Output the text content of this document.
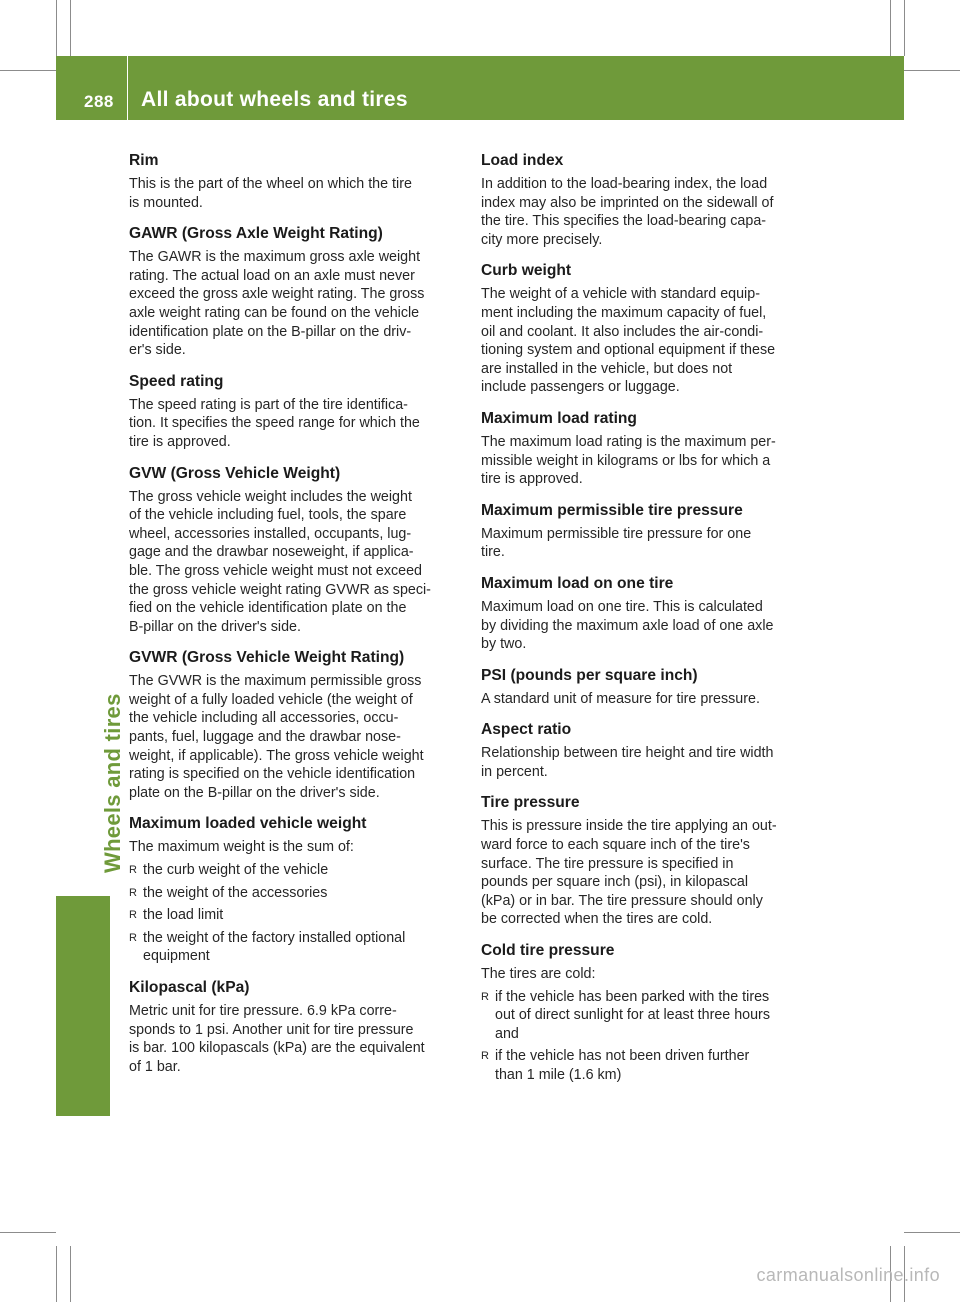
288 All about wheels and tires
Wheels and tires
Rim

This is the part of the wheel on which the tire
is mounted.

GAWR (Gross Axle Weight Rating)

The GAWR is the maximum gross axle weight
rating. The actual load on an axle must never
exceed the gross axle weight rating. The gross
axle weight rating can be found on the vehicle
identification plate on the B-pillar on the driv-
er's side.

Speed rating

The speed rating is part of the tire identifica-
tion. It specifies the speed range for which the
tire is approved.

GVW (Gross Vehicle Weight)

The gross vehicle weight includes the weight
of the vehicle including fuel, tools, the spare
wheel, accessories installed, occupants, lug-
gage and the drawbar noseweight, if applica-
ble. The gross vehicle weight must not exceed
the gross vehicle weight rating GVWR as speci-
fied on the vehicle identification plate on the
B-pillar on the driver's side.

GVWR (Gross Vehicle Weight Rating)

The GVWR is the maximum permissible gross
weight of a fully loaded vehicle (the weight of
the vehicle including all accessories, occu-
pants, fuel, luggage and the drawbar nose-
weight, if applicable). The gross vehicle weight
rating is specified on the vehicle identification
plate on the B-pillar on the driver's side.

Maximum loaded vehicle weight

The maximum weight is the sum of:

R the curb weight of the vehicle
R the weight of the accessories
R the load limit
R the weight of the factory installed optional
equipment
Kilopascal (kPa)

Metric unit for tire pressure. 6.9 kPa corre-
sponds to 1 psi. Another unit for tire pressure
is bar. 100 kilopascals (kPa) are the equivalent
of 1 bar.

Load index

In addition to the load-bearing index, the load
index may also be imprinted on the sidewall of
the tire. This specifies the load-bearing capa-
city more precisely.

Curb weight

The weight of a vehicle with standard equip-
ment including the maximum capacity of fuel,
oil and coolant. It also includes the air-condi-
tioning system and optional equipment if these
are installed in the vehicle, but does not
include passengers or luggage.

Maximum load rating

The maximum load rating is the maximum per-
missible weight in kilograms or lbs for which a
tire is approved.

Maximum permissible tire pressure

Maximum permissible tire pressure for one
tire.

Maximum load on one tire

Maximum load on one tire. This is calculated
by dividing the maximum axle load of one axle
by two.

PSI (pounds per square inch)

A standard unit of measure for tire pressure.

Aspect ratio

Relationship between tire height and tire width
in percent.

Tire pressure

This is pressure inside the tire applying an out-
ward force to each square inch of the tire's
surface. The tire pressure is specified in
pounds per square inch (psi), in kilopascal
(kPa) or in bar. The tire pressure should only
be corrected when the tires are cold.

Cold tire pressure

The tires are cold:

R if the vehicle has been parked with the tires
out of direct sunlight for at least three hours
and
R if the vehicle has not been driven further
than 1 mile (1.6 km)
carmanualsonline.info
